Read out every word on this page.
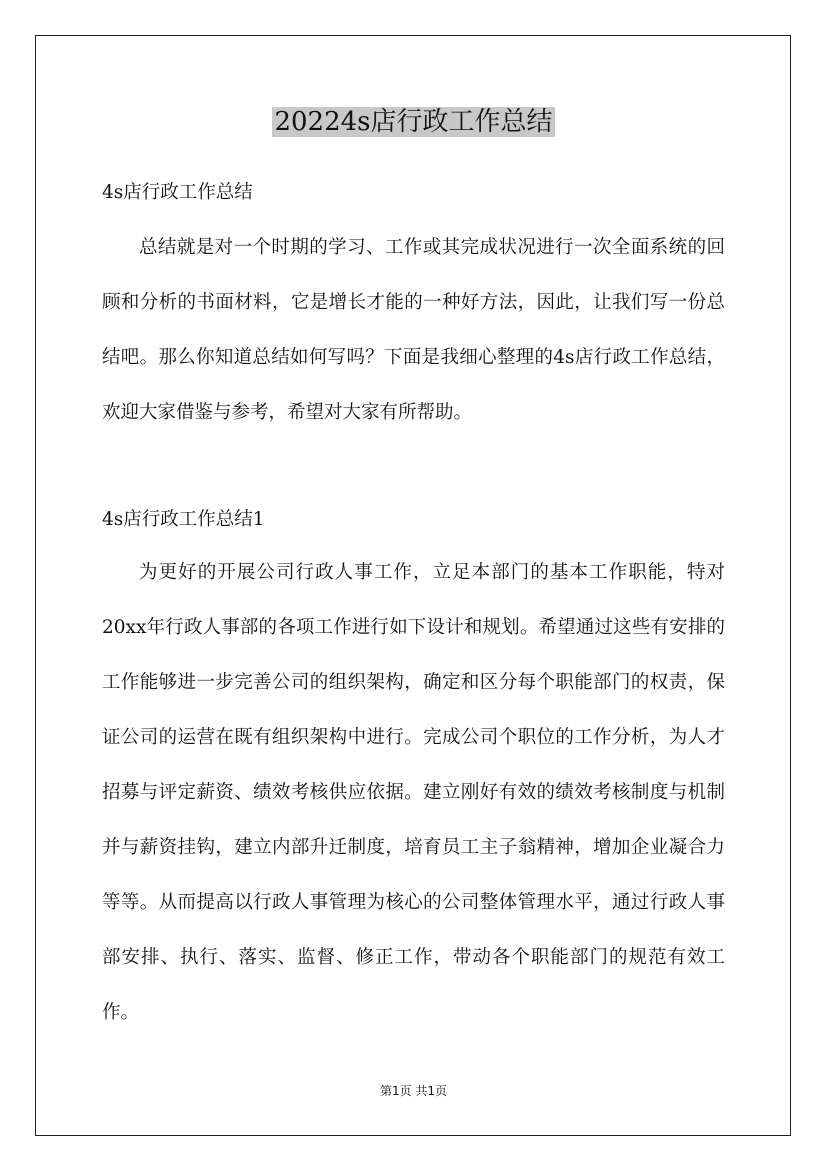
20224s店行政工作总结

4s店行政工作总结

总结就是对一个时期的学习、工作或其完成状况进行一次全面系统的回顾和分析的书面材料，它是增长才能的一种好方法，因此，让我们写一份总结吧。那么你知道总结如何写吗？下面是我细心整理的4s店行政工作总结，欢迎大家借鉴与参考，希望对大家有所帮助。

4s店行政工作总结1

为更好的开展公司行政人事工作，立足本部门的基本工作职能，特对20xx年行政人事部的各项工作进行如下设计和规划。希望通过这些有安排的工作能够进一步完善公司的组织架构，确定和区分每个职能部门的权责，保证公司的运营在既有组织架构中进行。完成公司个职位的工作分析，为人才招募与评定薪资、绩效考核供应依据。建立刚好有效的绩效考核制度与机制并与薪资挂钩，建立内部升迁制度，培育员工主子翁精神，增加企业凝合力等等。从而提高以行政人事管理为核心的公司整体管理水平，通过行政人事部安排、执行、落实、监督、修正工作，带动各个职能部门的规范有效工作。

第1页 共1页
